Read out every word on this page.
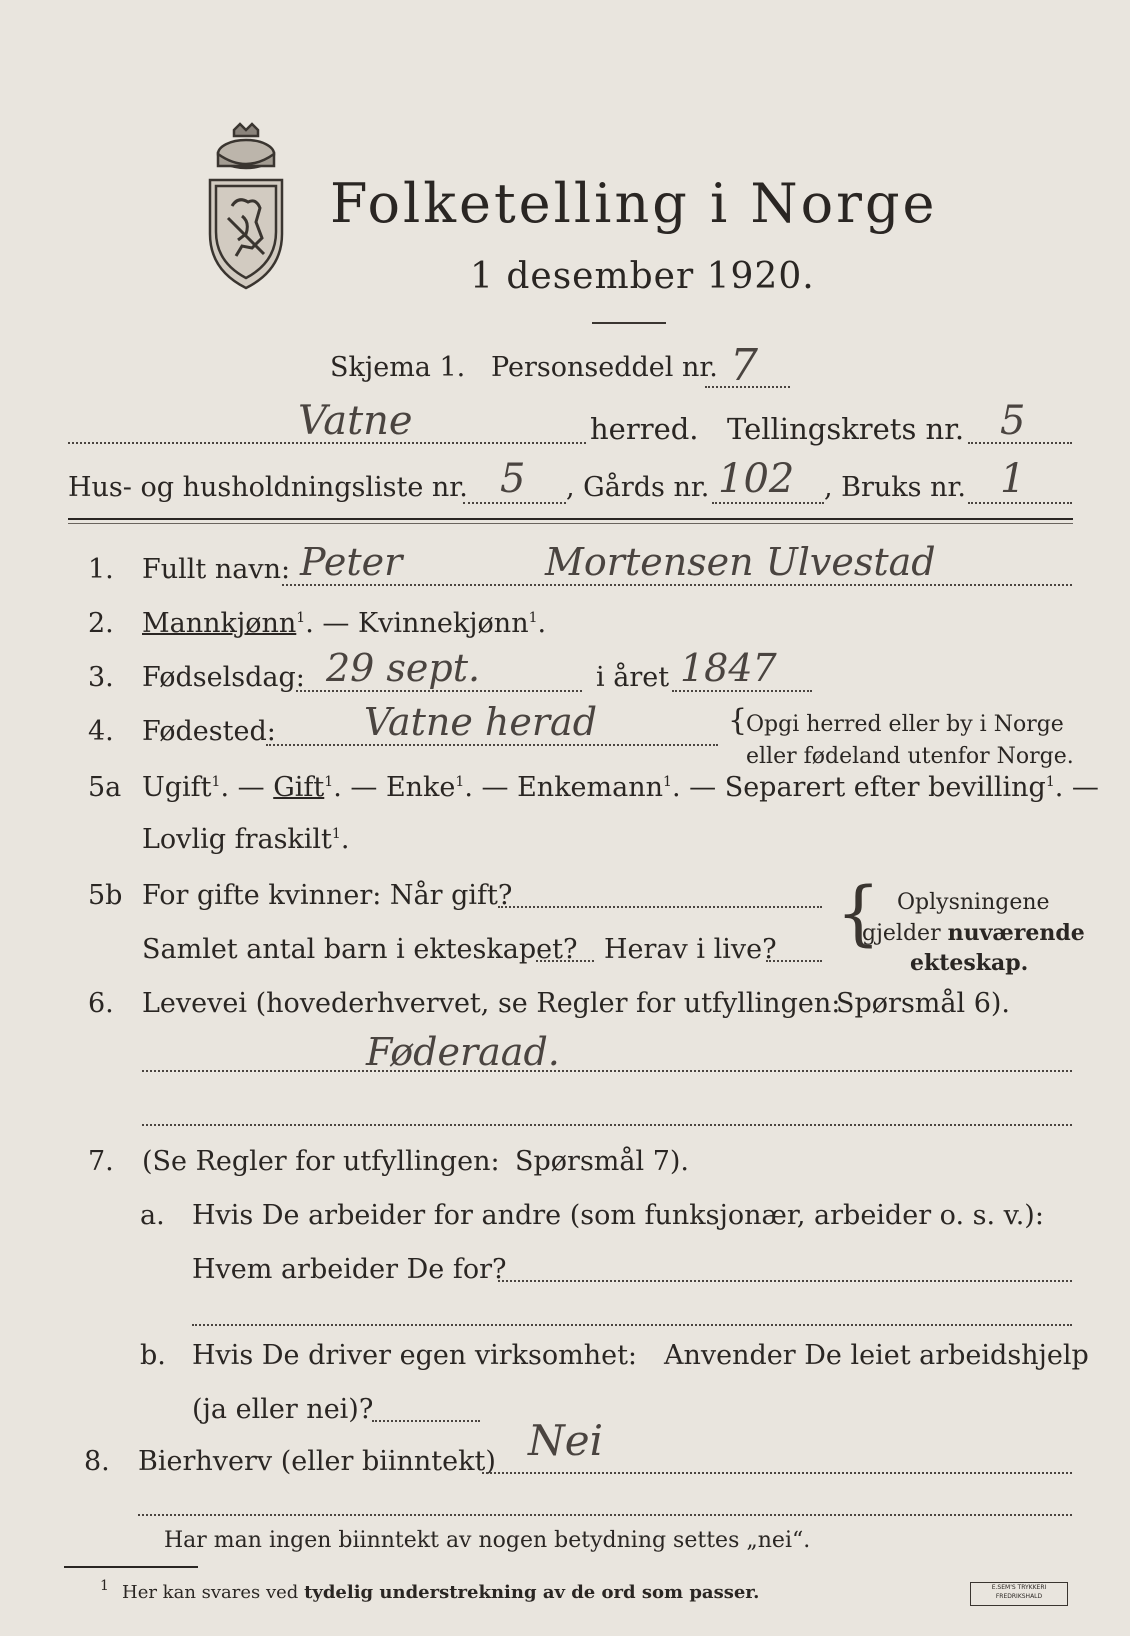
Folketelling i Norge
1 desember 1920.
Skjema 1. Personseddel nr. 7
Vatne	herred. Tellingskrets nr. 5
Hus- og husholdningsliste nr. 5 , Gårds nr. 102 , Bruks nr. 1
1. Fullt navn: Peter	Mortensen Ulvestad
2. Mannkjønn$^1$. — Kvinnekjønn$^1$.
3. Fødselsdag: 29 sept.	i året 1847
4. Fødested: Vatne herad	{
Opgi herred eller by i Norge
eller fødeland utenfor Norge.
5a Ugift$^1$. — Gift$^1$. — Enke$^1$. — Enkemann$^1$. — Separert efter bevilling$^1$. —
Lovlig fraskilt$^1$.
5b For gifte kvinner: Når gift?
Samlet antal barn i ekteskapet? Herav i live? { Oplysningene
gjelder nuværende
ekteskap.
6. Levevei (hovederhvervet, se Regler for utfyllingen:
Spørsmål 6).
Føderaad.
7. (Se Regler for utfyllingen: Spørsmål 7).
a. Hvis De arbeider for andre (som funksjonær, arbeider o. s. v.):
Hvem arbeider De for?
b. Hvis De driver egen virksomhet: Anvender De leiet arbeidshjelp
(ja eller nei)?
8. Bierhverv (eller biinntekt) Nei
Har man ingen biinntekt av nogen betydning settes „nei“.
1 Her kan svares ved tydelig understrekning av de ord som passer.	E.SEM'S TRYKKERI
FREDRIKSHALD
